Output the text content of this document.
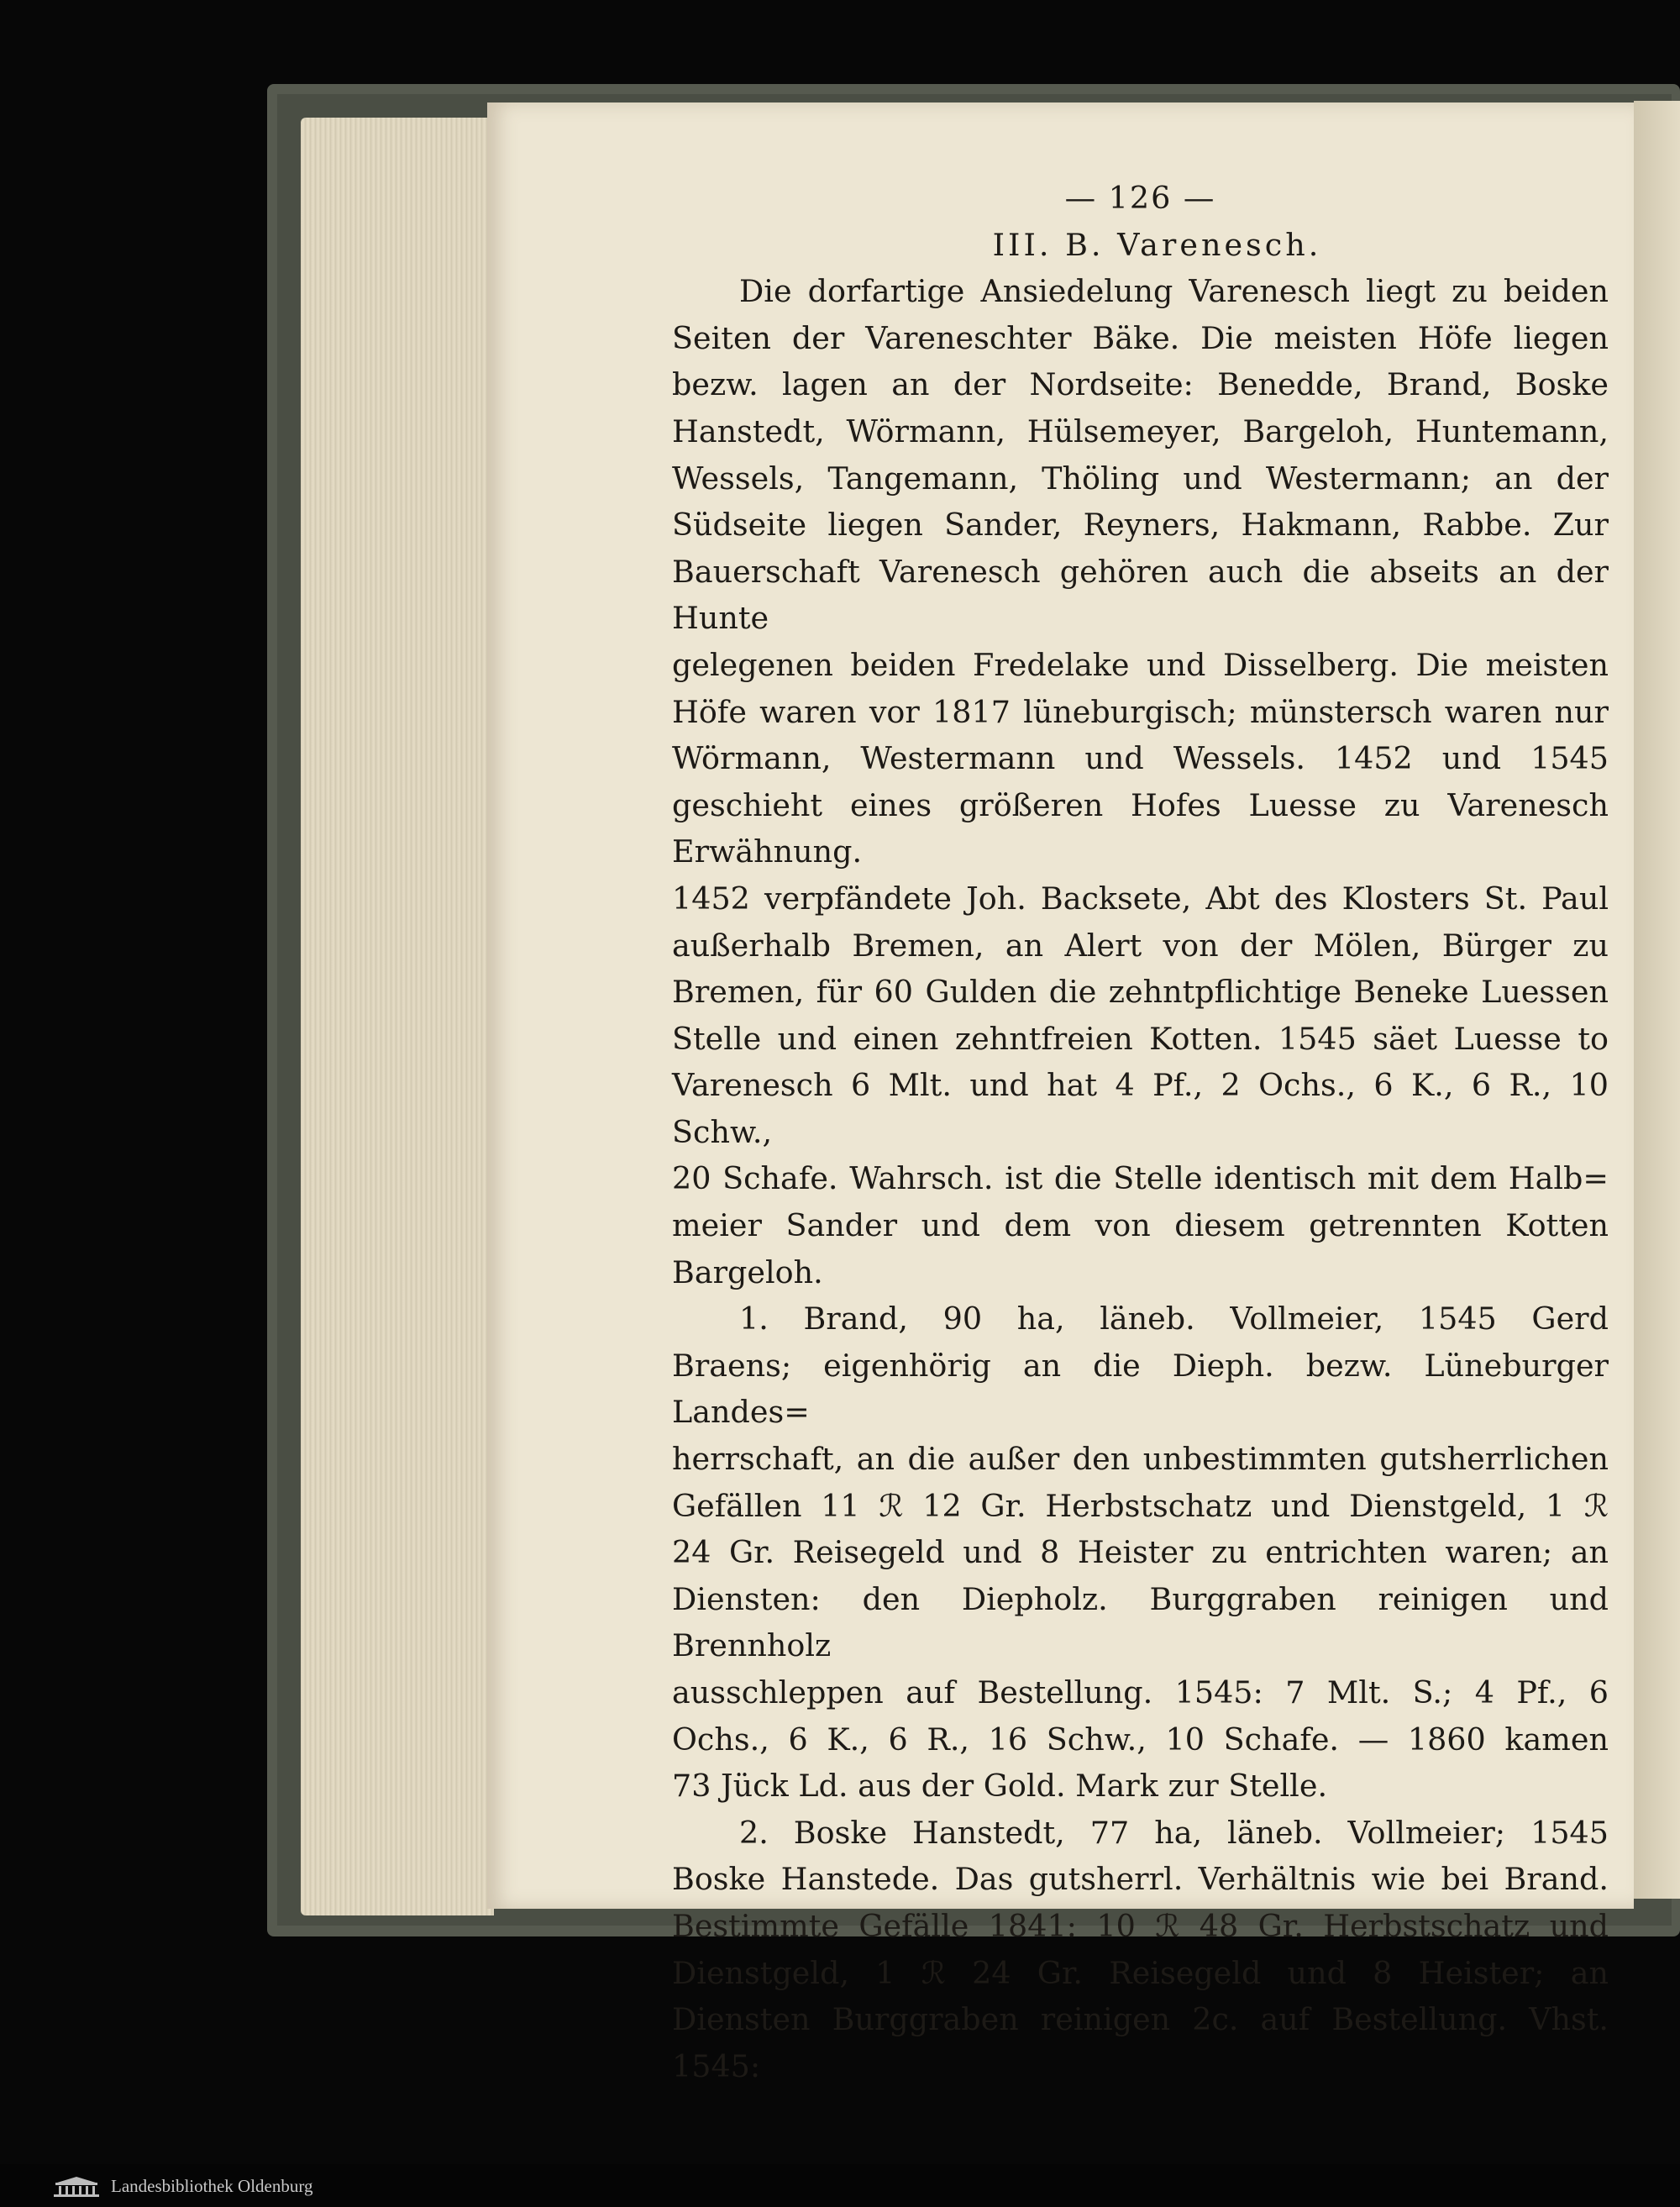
— 126 —
III. B. Varenesch.
Die dorfartige Ansiedelung Varenesch liegt zu beiden
Seiten der Vareneschter Bäke. Die meisten Höfe liegen
bezw. lagen an der Nordseite: Benedde, Brand, Boske
Hanstedt, Wörmann, Hülsemeyer, Bargeloh, Huntemann,
Wessels, Tangemann, Thöling und Westermann; an der
Südseite liegen Sander, Reyners, Hakmann, Rabbe. Zur
Bauerschaft Varenesch gehören auch die abseits an der Hunte
gelegenen beiden Fredelake und Disselberg. Die meisten
Höfe waren vor 1817 lüneburgisch; münstersch waren nur
Wörmann, Westermann und Wessels. 1452 und 1545
geschieht eines größeren Hofes Luesse zu Varenesch Erwähnung.
1452 verpfändete Joh. Backsete, Abt des Klosters St. Paul
außerhalb Bremen, an Alert von der Mölen, Bürger zu
Bremen, für 60 Gulden die zehntpflichtige Beneke Luessen
Stelle und einen zehntfreien Kotten. 1545 säet Luesse to
Varenesch 6 Mlt. und hat 4 Pf., 2 Ochs., 6 K., 6 R., 10 Schw.,
20 Schafe. Wahrsch. ist die Stelle identisch mit dem Halb=
meier Sander und dem von diesem getrennten Kotten Bargeloh.
1. Brand, 90 ha, läneb. Vollmeier, 1545 Gerd
Braens; eigenhörig an die Dieph. bezw. Lüneburger Landes=
herrschaft, an die außer den unbestimmten gutsherrlichen
Gefällen 11 ℛ 12 Gr. Herbstschatz und Dienstgeld, 1 ℛ
24 Gr. Reisegeld und 8 Heister zu entrichten waren; an
Diensten: den Diepholz. Burggraben reinigen und Brennholz
ausschleppen auf Bestellung. 1545: 7 Mlt. S.; 4 Pf., 6
Ochs., 6 K., 6 R., 16 Schw., 10 Schafe. — 1860 kamen
73 Jück Ld. aus der Gold. Mark zur Stelle.
2. Boske Hanstedt, 77 ha, läneb. Vollmeier; 1545
Boske Hanstede. Das gutsherrl. Verhältnis wie bei Brand.
Bestimmte Gefälle 1841: 10 ℛ 48 Gr. Herbstschatz und
Dienstgeld, 1 ℛ 24 Gr. Reisegeld und 8 Heister; an
Diensten Burggraben reinigen 2c. auf Bestellung. Vhst. 1545:
Landesbibliothek Oldenburg
